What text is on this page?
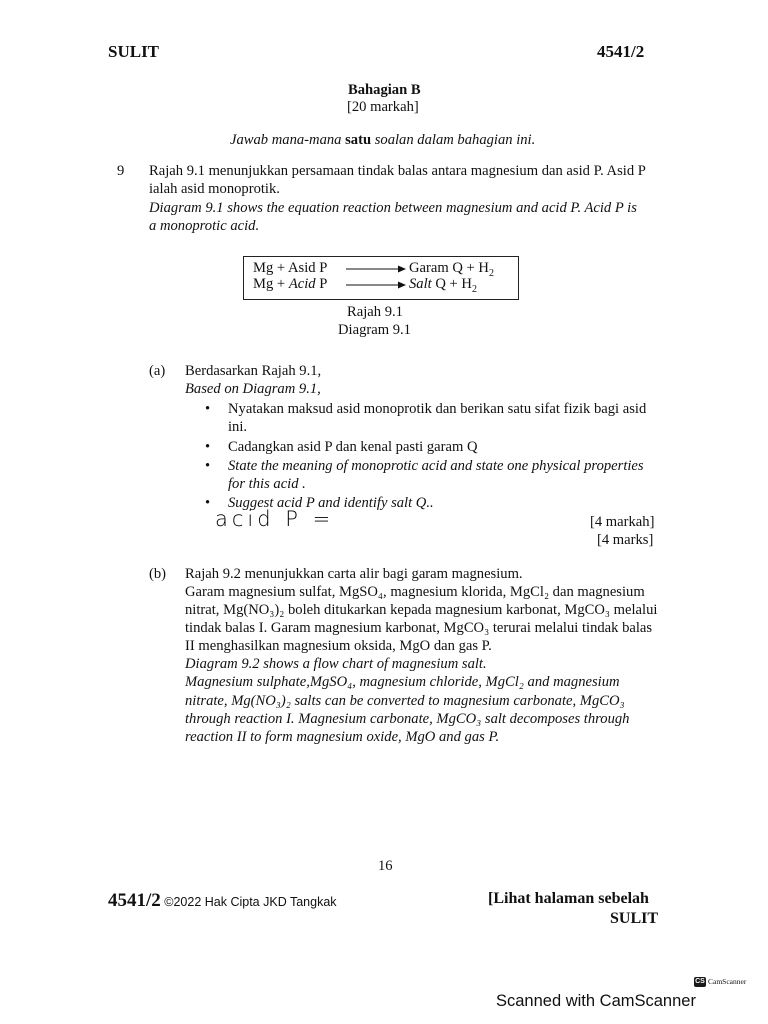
SULIT	4541/2
Bahagian B
[20 markah]
Jawab mana-mana satu soalan dalam bahagian ini.
9 Rajah 9.1 menunjukkan persamaan tindak balas antara magnesium dan asid P. Asid P
ialah asid monoprotik.
Diagram 9.1 shows the equation reaction between magnesium and acid P. Acid P is
a monoprotic acid.
Mg + Asid P	Garam $Q + H_2$
Mg + Acid P	Salt $Q + H_2$
Rajah 9.1
Diagram 9.1
(a) Berdasarkan Rajah 9.1,
Based on Diagram 9.1,
• Nyatakan maksud asid monoprotik dan berikan satu sifat fizik bagi asid
ini.
• Cadangkan asid P dan kenal pasti garam Q
• State the meaning of monoprotic acid and state one physical properties
for this acid .
• Suggest acid P and identify salt Q..
acid P =	[4 markah]
[4 marks]
(b) Rajah 9.2 menunjukkan carta alir bagi garam magnesium.
Garam magnesium sulfat, MgSO₄, magnesium klorida, MgCl₂ dan magnesium
nitrat, Mg(NO₃)₂ boleh ditukarkan kepada magnesium karbonat, MgCO₃ melalui
tindak balas I. Garam magnesium karbonat, MgCO₃ terurai melalui tindak balas
II menghasilkan magnesium oksida, MgO dan gas P.
Diagram 9.2 shows a flow chart of magnesium salt.
Magnesium sulphate,MgSO₄, magnesium chloride, MgCl₂ and magnesium
nitrate, Mg(NO₃)₂ salts can be converted to magnesium carbonate, MgCO₃
through reaction I. Magnesium carbonate, MgCO₃ salt decomposes through
reaction II to form magnesium oxide, MgO and gas P.
16
4541/2 ©2022 Hak Cipta JKD Tangkak	[Lihat halaman sebelah
SULIT
CS CamScanner
Scanned with CamScanner
